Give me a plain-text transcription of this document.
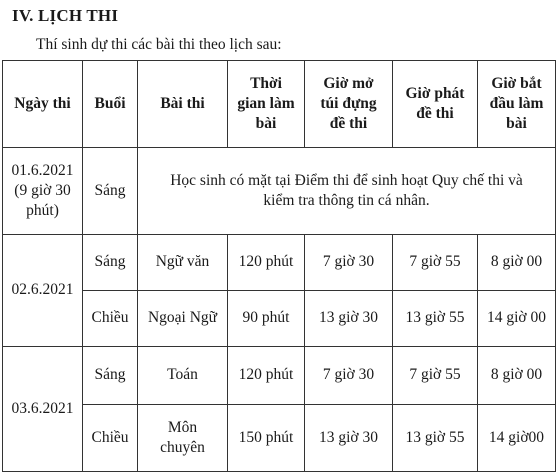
IV. LỊCH THI
Thí sinh dự thi các bài thi theo lịch sau:
Ngày thi	Buổi	Bài thi	Thời
gian làm
bài	Giờ mở
túi đựng
đề thi	Giờ phát
đề thi	Giờ bắt
đầu làm
bài
01.6.2021
(9 giờ 30
phút)	Sáng	Học sinh có mặt tại Điểm thi để sinh hoạt Quy chế thi và
kiểm tra thông tin cá nhân.				
02.6.2021	Sáng	Ngữ văn	120 phút	7 giờ 30	7 giờ 55	8 giờ 00
	Chiều	Ngoại Ngữ	90 phút	13 giờ 30	13 giờ 55	14 giờ 00
03.6.2021	Sáng	Toán	120 phút	7 giờ 30	7 giờ 55	8 giờ 00
	Chiều	Môn
chuyên	150 phút	13 giờ 30	13 giờ 55	14 giờ00
